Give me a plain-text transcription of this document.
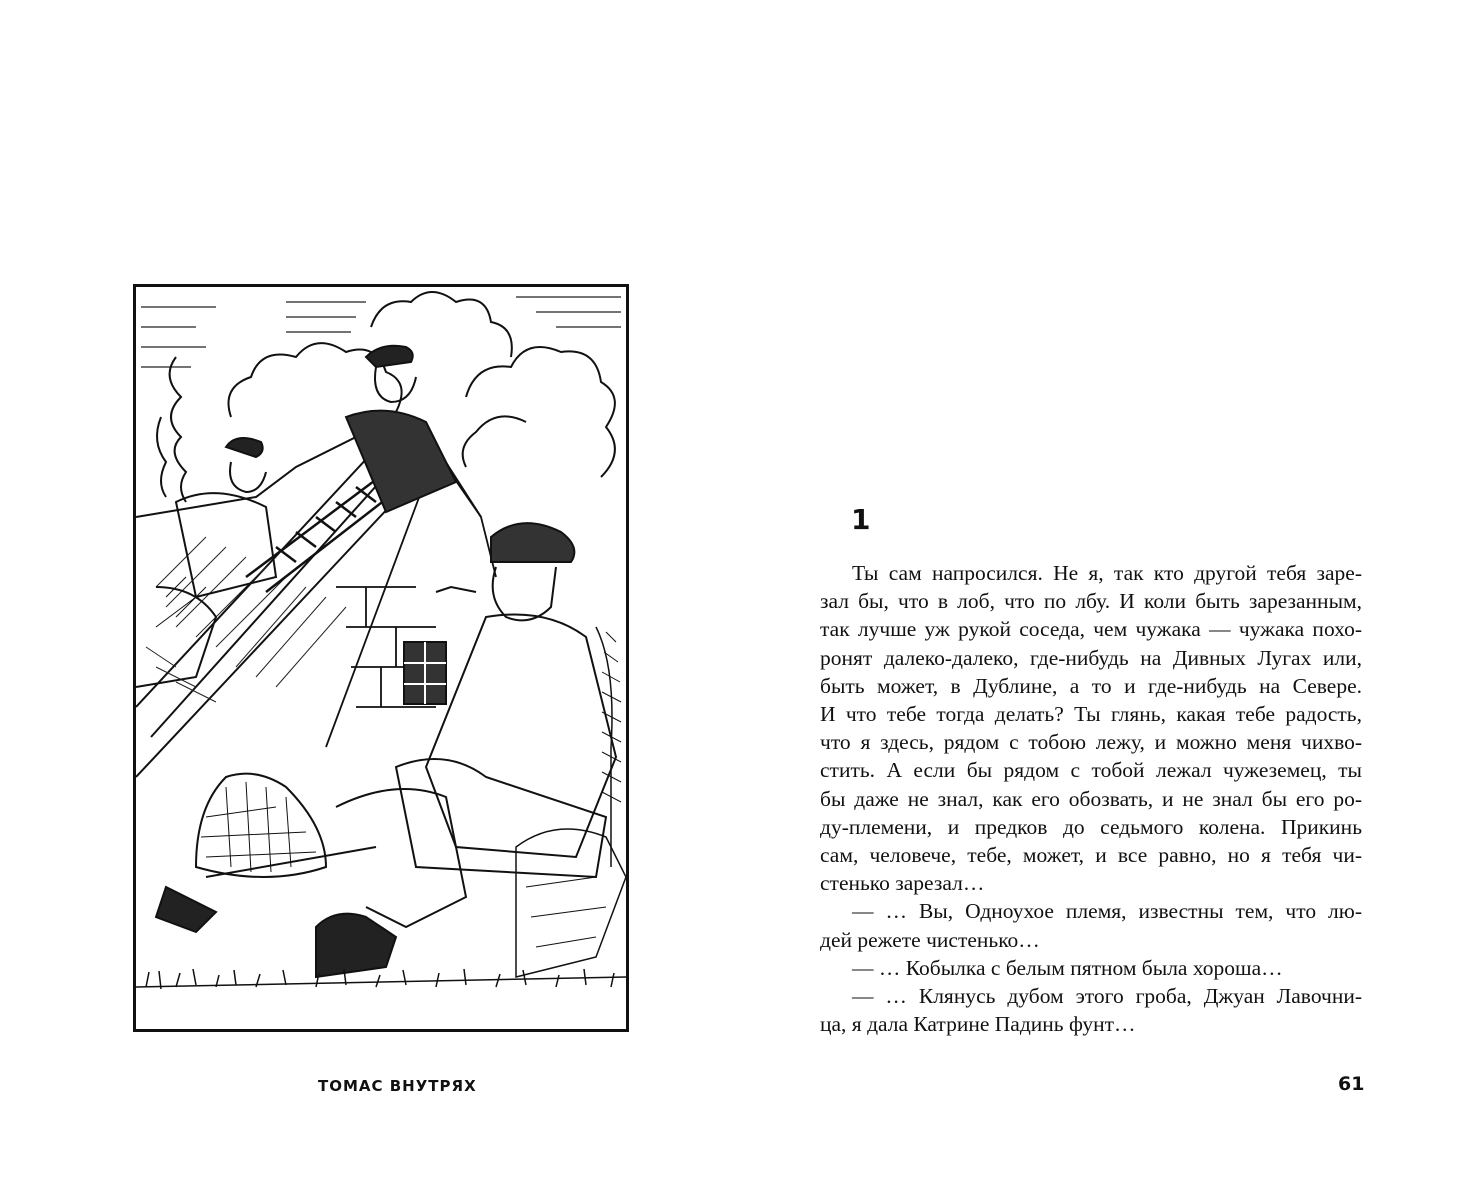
ТОМАС ВНУТРЯХ
1
Ты сам напросился. Не я, так кто другой тебя заре-
зал бы, что в лоб, что по лбу. И коли быть зарезанным,
так лучше уж рукой соседа, чем чужака — чужака похо-
ронят далеко-далеко, где-нибудь на Дивных Лугах или,
быть может, в Дублине, а то и где-нибудь на Севере.
И что тебе тогда делать? Ты глянь, какая тебе радость,
что я здесь, рядом с тобою лежу, и можно меня чихво-
стить. А если бы рядом с тобой лежал чужеземец, ты
бы даже не знал, как его обозвать, и не знал бы его ро-
ду-племени, и предков до седьмого колена. Прикинь
сам, человече, тебе, может, и все равно, но я тебя чи-
стенько зарезал…
— … Вы, Одноухое племя, известны тем, что лю-
дей режете чистенько…
— … Кобылка с белым пятном была хороша…
— … Клянусь дубом этого гроба, Джуан Лавочни-
ца, я дала Катрине Падинь фунт…
61
